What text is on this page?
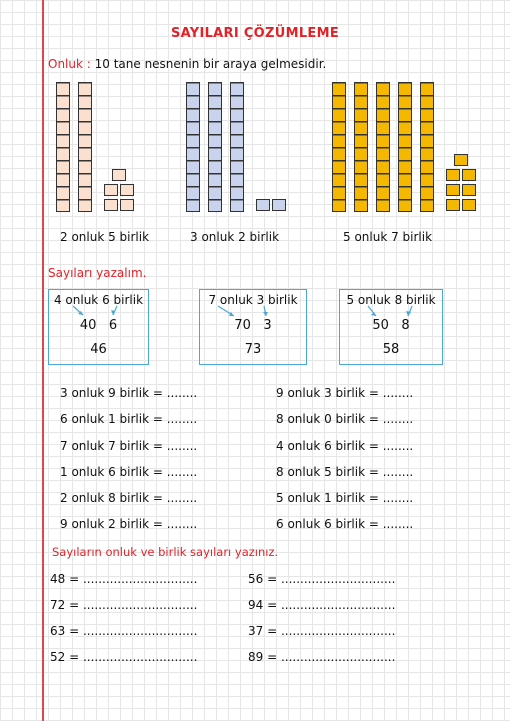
SAYILARI ÇÖZÜMLEME
Onluk : 10 tane nesnenin bir araya gelmesidir.
2 onluk 5 birlik	3 onluk 2 birlik	5 onluk 7 birlik
Sayıları yazalım.
4 onluk 6 birlik
40 6
46
7 onluk 3 birlik
70 3
73
5 onluk 8 birlik
50 8
58
3 onluk 9 birlik = ........
6 onluk 1 birlik = ........
7 onluk 7 birlik = ........
1 onluk 6 birlik = ........
2 onluk 8 birlik = ........
9 onluk 2 birlik = ........
9 onluk 3 birlik = ........
8 onluk 0 birlik = ........
4 onluk 6 birlik = ........
8 onluk 5 birlik = ........
5 onluk 1 birlik = ........
6 onluk 6 birlik = ........
Sayıların onluk ve birlik sayıları yazınız.
48 = ..............................
72 = ..............................
63 = ..............................
52 = ..............................
56 = ..............................
94 = ..............................
37 = ..............................
89 = ..............................
